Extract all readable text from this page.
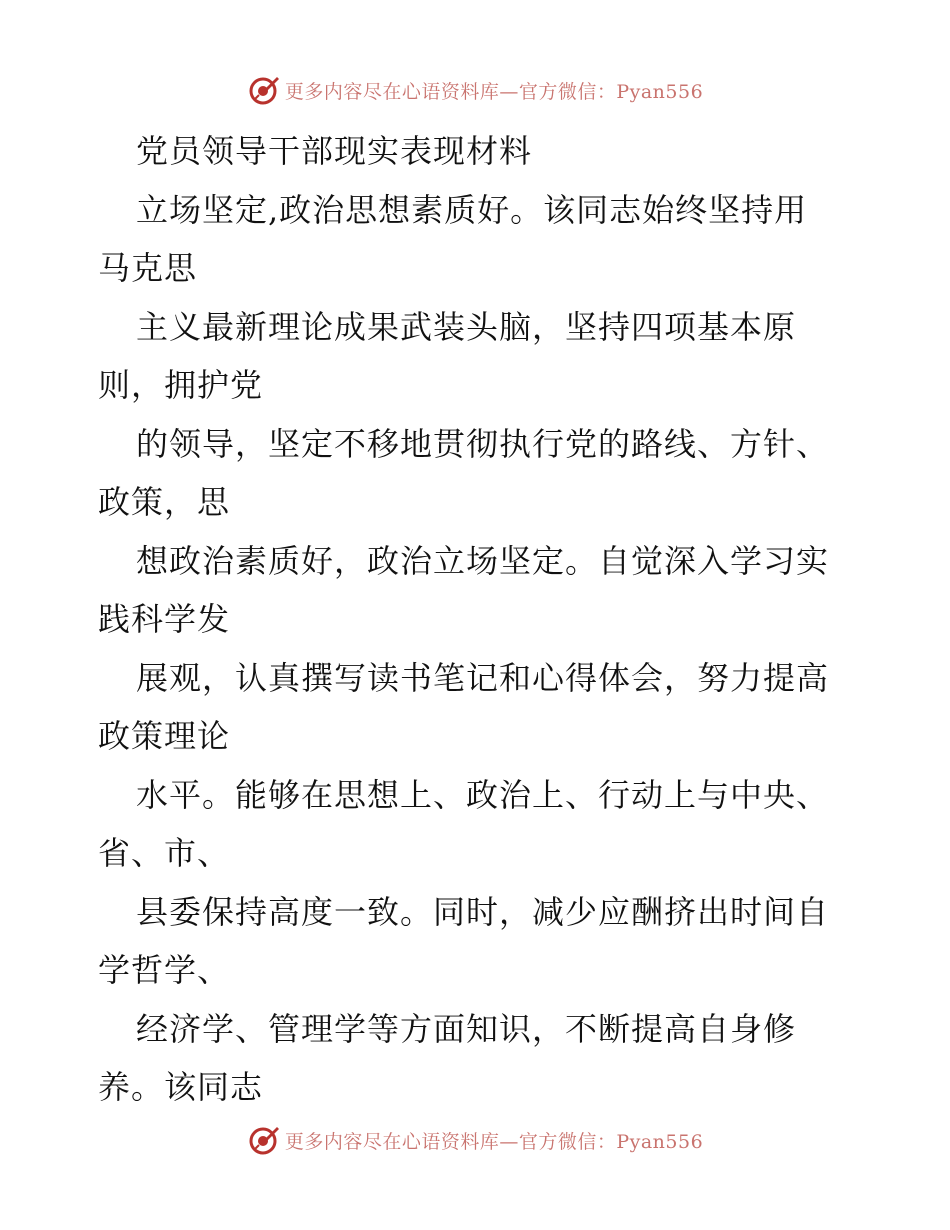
更多内容尽在心语资料库—官方微信：Pyan556
党员领导干部现实表现材料
立场坚定,政治思想素质好。该同志始终坚持用
马克思
主义最新理论成果武装头脑，坚持四项基本原
则，拥护党
的领导，坚定不移地贯彻执行党的路线、方针、
政策，思
想政治素质好，政治立场坚定。自觉深入学习实
践科学发
展观，认真撰写读书笔记和心得体会，努力提高
政策理论
水平。能够在思想上、政治上、行动上与中央、
省、市、
县委保持高度一致。同时，减少应酬挤出时间自
学哲学、
经济学、管理学等方面知识，不断提高自身修
养。该同志
更多内容尽在心语资料库—官方微信：Pyan556
